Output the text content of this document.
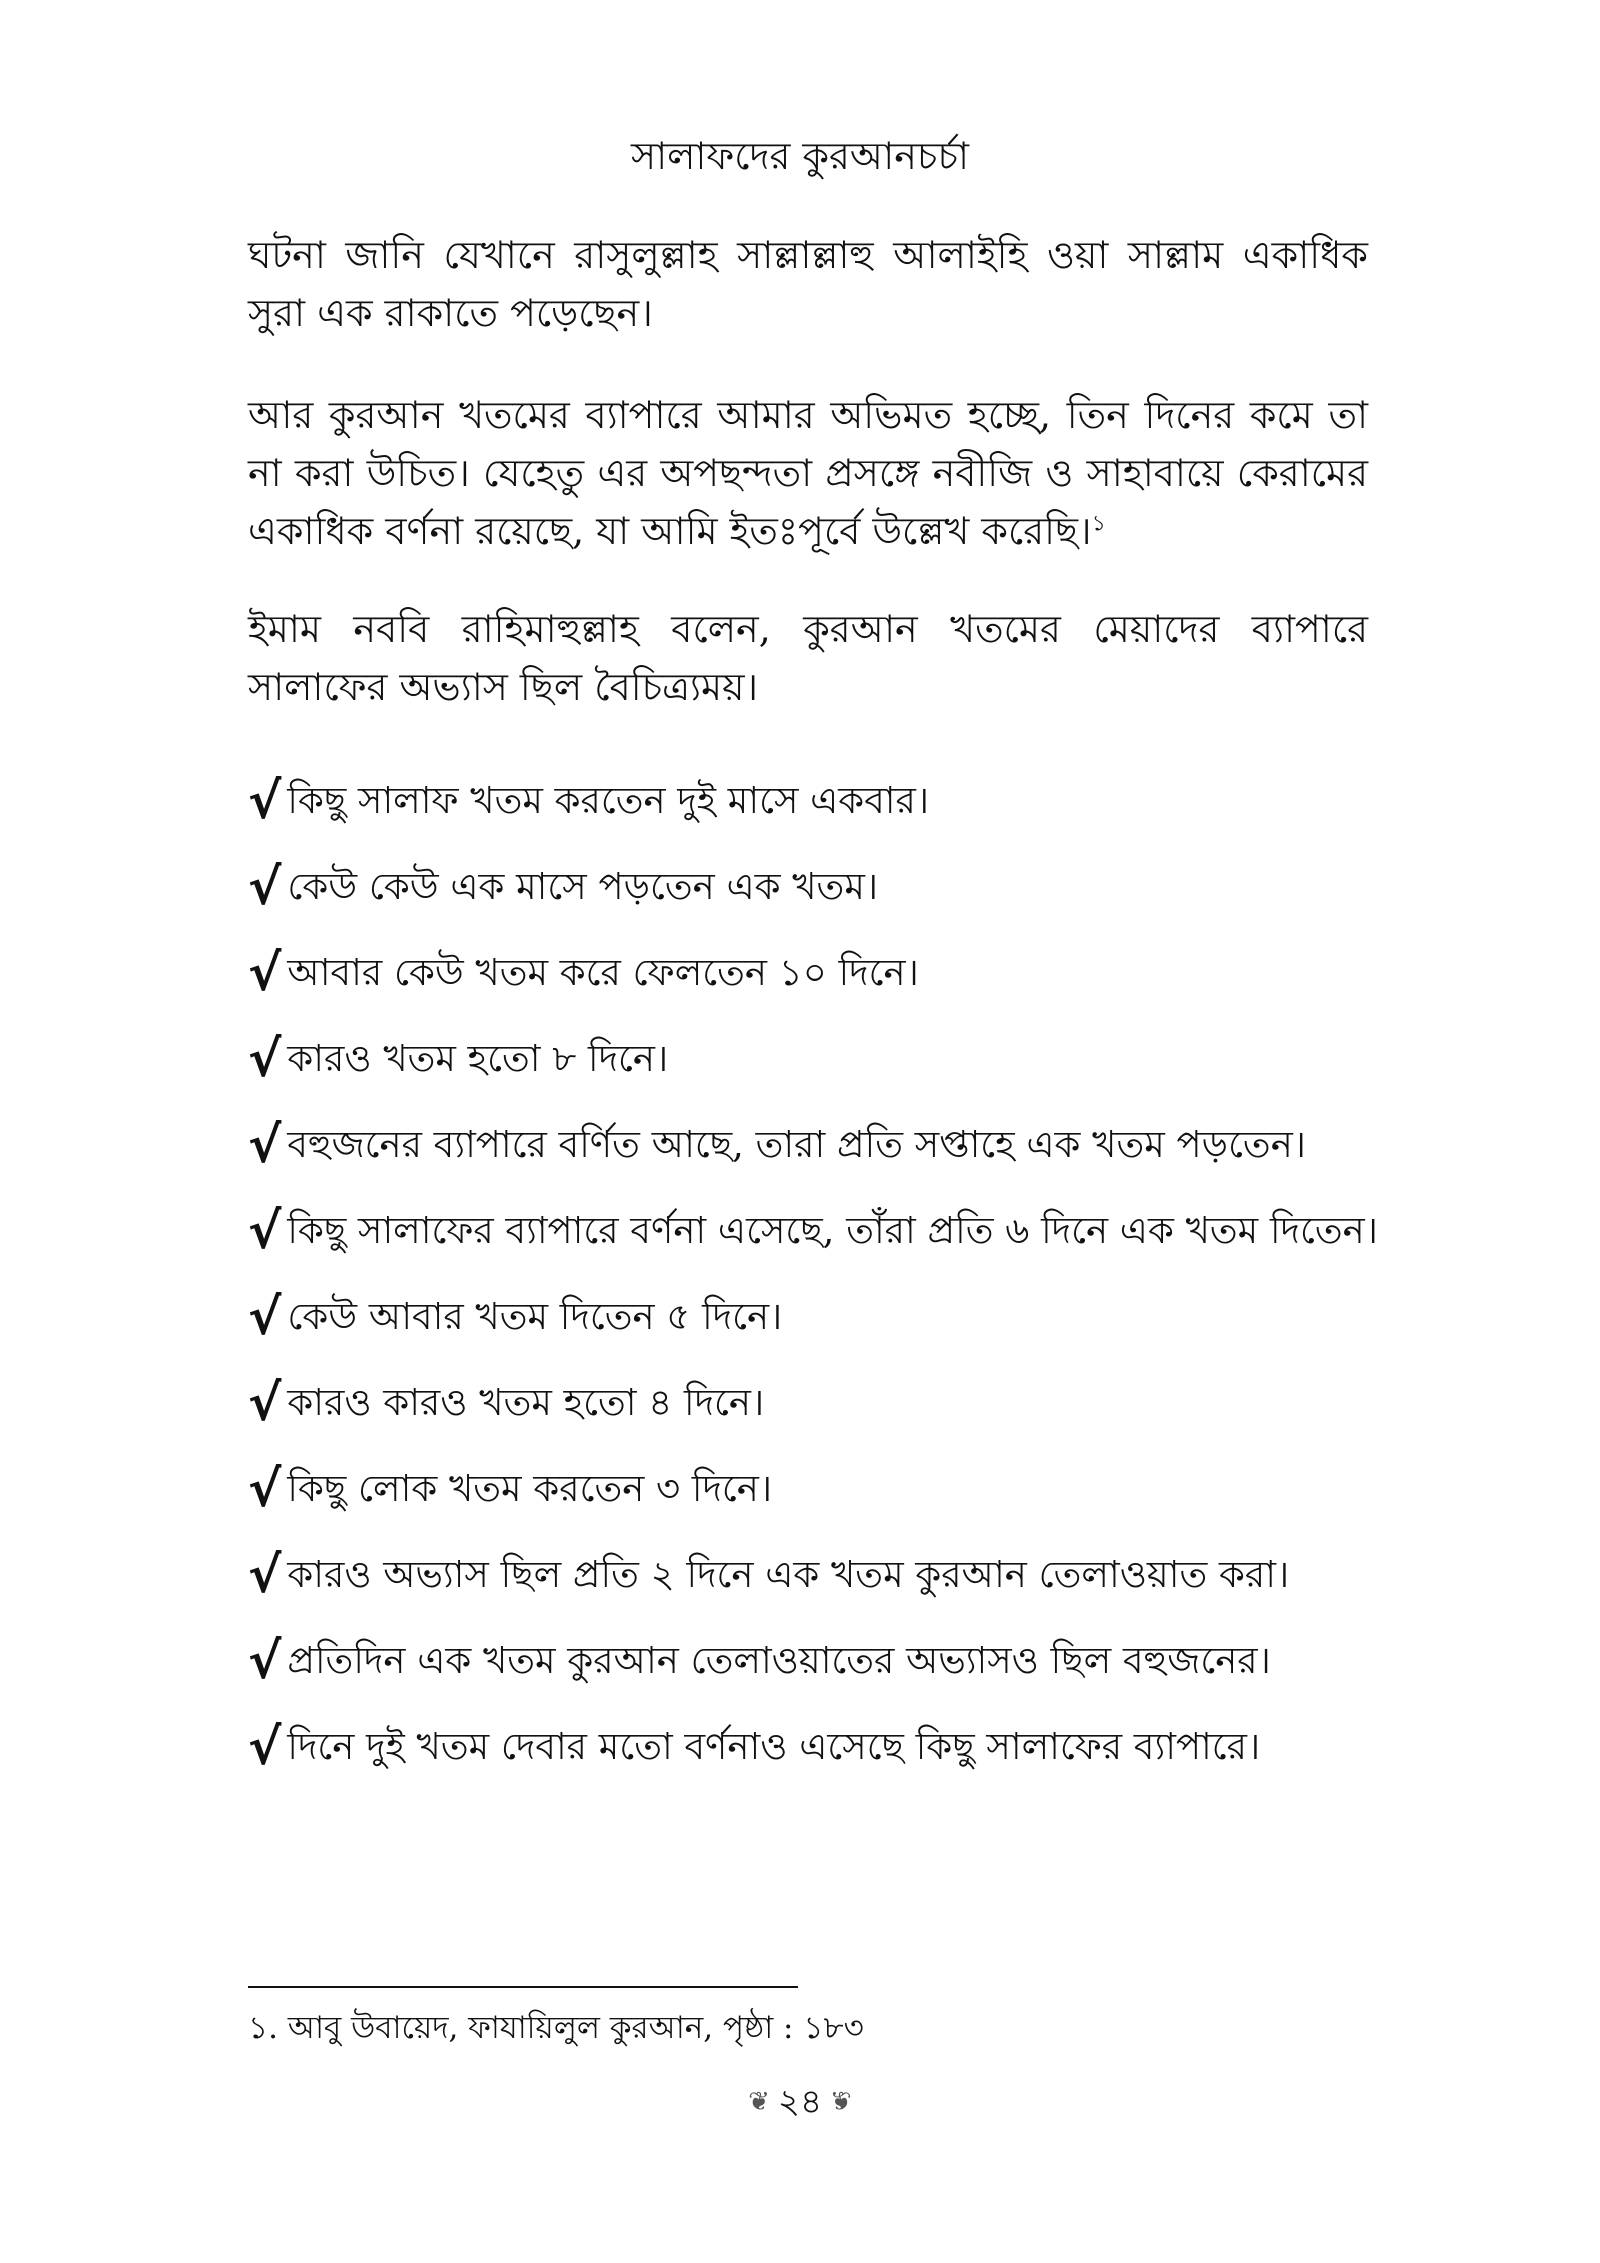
সালাফদের কুরআনচর্চা

ঘটনা জানি যেখানে রাসুলুল্লাহ সাল্লাল্লাহু আলাইহি ওয়া সাল্লাম একাধিক সুরা এক রাকাতে পড়েছেন।

আর কুরআন খতমের ব্যাপারে আমার অভিমত হচ্ছে, তিন দিনের কমে তা না করা উচিত। যেহেতু এর অপছন্দতা প্রসঙ্গে নবীজি ও সাহাবায়ে কেরামের একাধিক বর্ণনা রয়েছে, যা আমি ইতঃপূর্বে উল্লেখ করেছি।$^১$

ইমাম নববি রাহিমাহুল্লাহ বলেন, কুরআন খতমের মেয়াদের ব্যাপারে সালাফের অভ্যাস ছিল বৈচিত্র্যময়।

√ কিছু সালাফ খতম করতেন দুই মাসে একবার।
√ কেউ কেউ এক মাসে পড়তেন এক খতম।
√ আবার কেউ খতম করে ফেলতেন ১০ দিনে।
√ কারও খতম হতো ৮ দিনে।
√ বহুজনের ব্যাপারে বর্ণিত আছে, তারা প্রতি সপ্তাহে এক খতম পড়তেন।
√ কিছু সালাফের ব্যাপারে বর্ণনা এসেছে, তাঁরা প্রতি ৬ দিনে এক খতম দিতেন।
√ কেউ আবার খতম দিতেন ৫ দিনে।
√ কারও কারও খতম হতো ৪ দিনে।
√ কিছু লোক খতম করতেন ৩ দিনে।
√ কারও অভ্যাস ছিল প্রতি ২ দিনে এক খতম কুরআন তেলাওয়াত করা।
√ প্রতিদিন এক খতম কুরআন তেলাওয়াতের অভ্যাসও ছিল বহুজনের।
√ দিনে দুই খতম দেবার মতো বর্ণনাও এসেছে কিছু সালাফের ব্যাপারে।
১. আবু উবায়েদ, ফাযায়িলুল কুরআন, পৃষ্ঠা : ১৮৩
❦ ২৪ ❦
